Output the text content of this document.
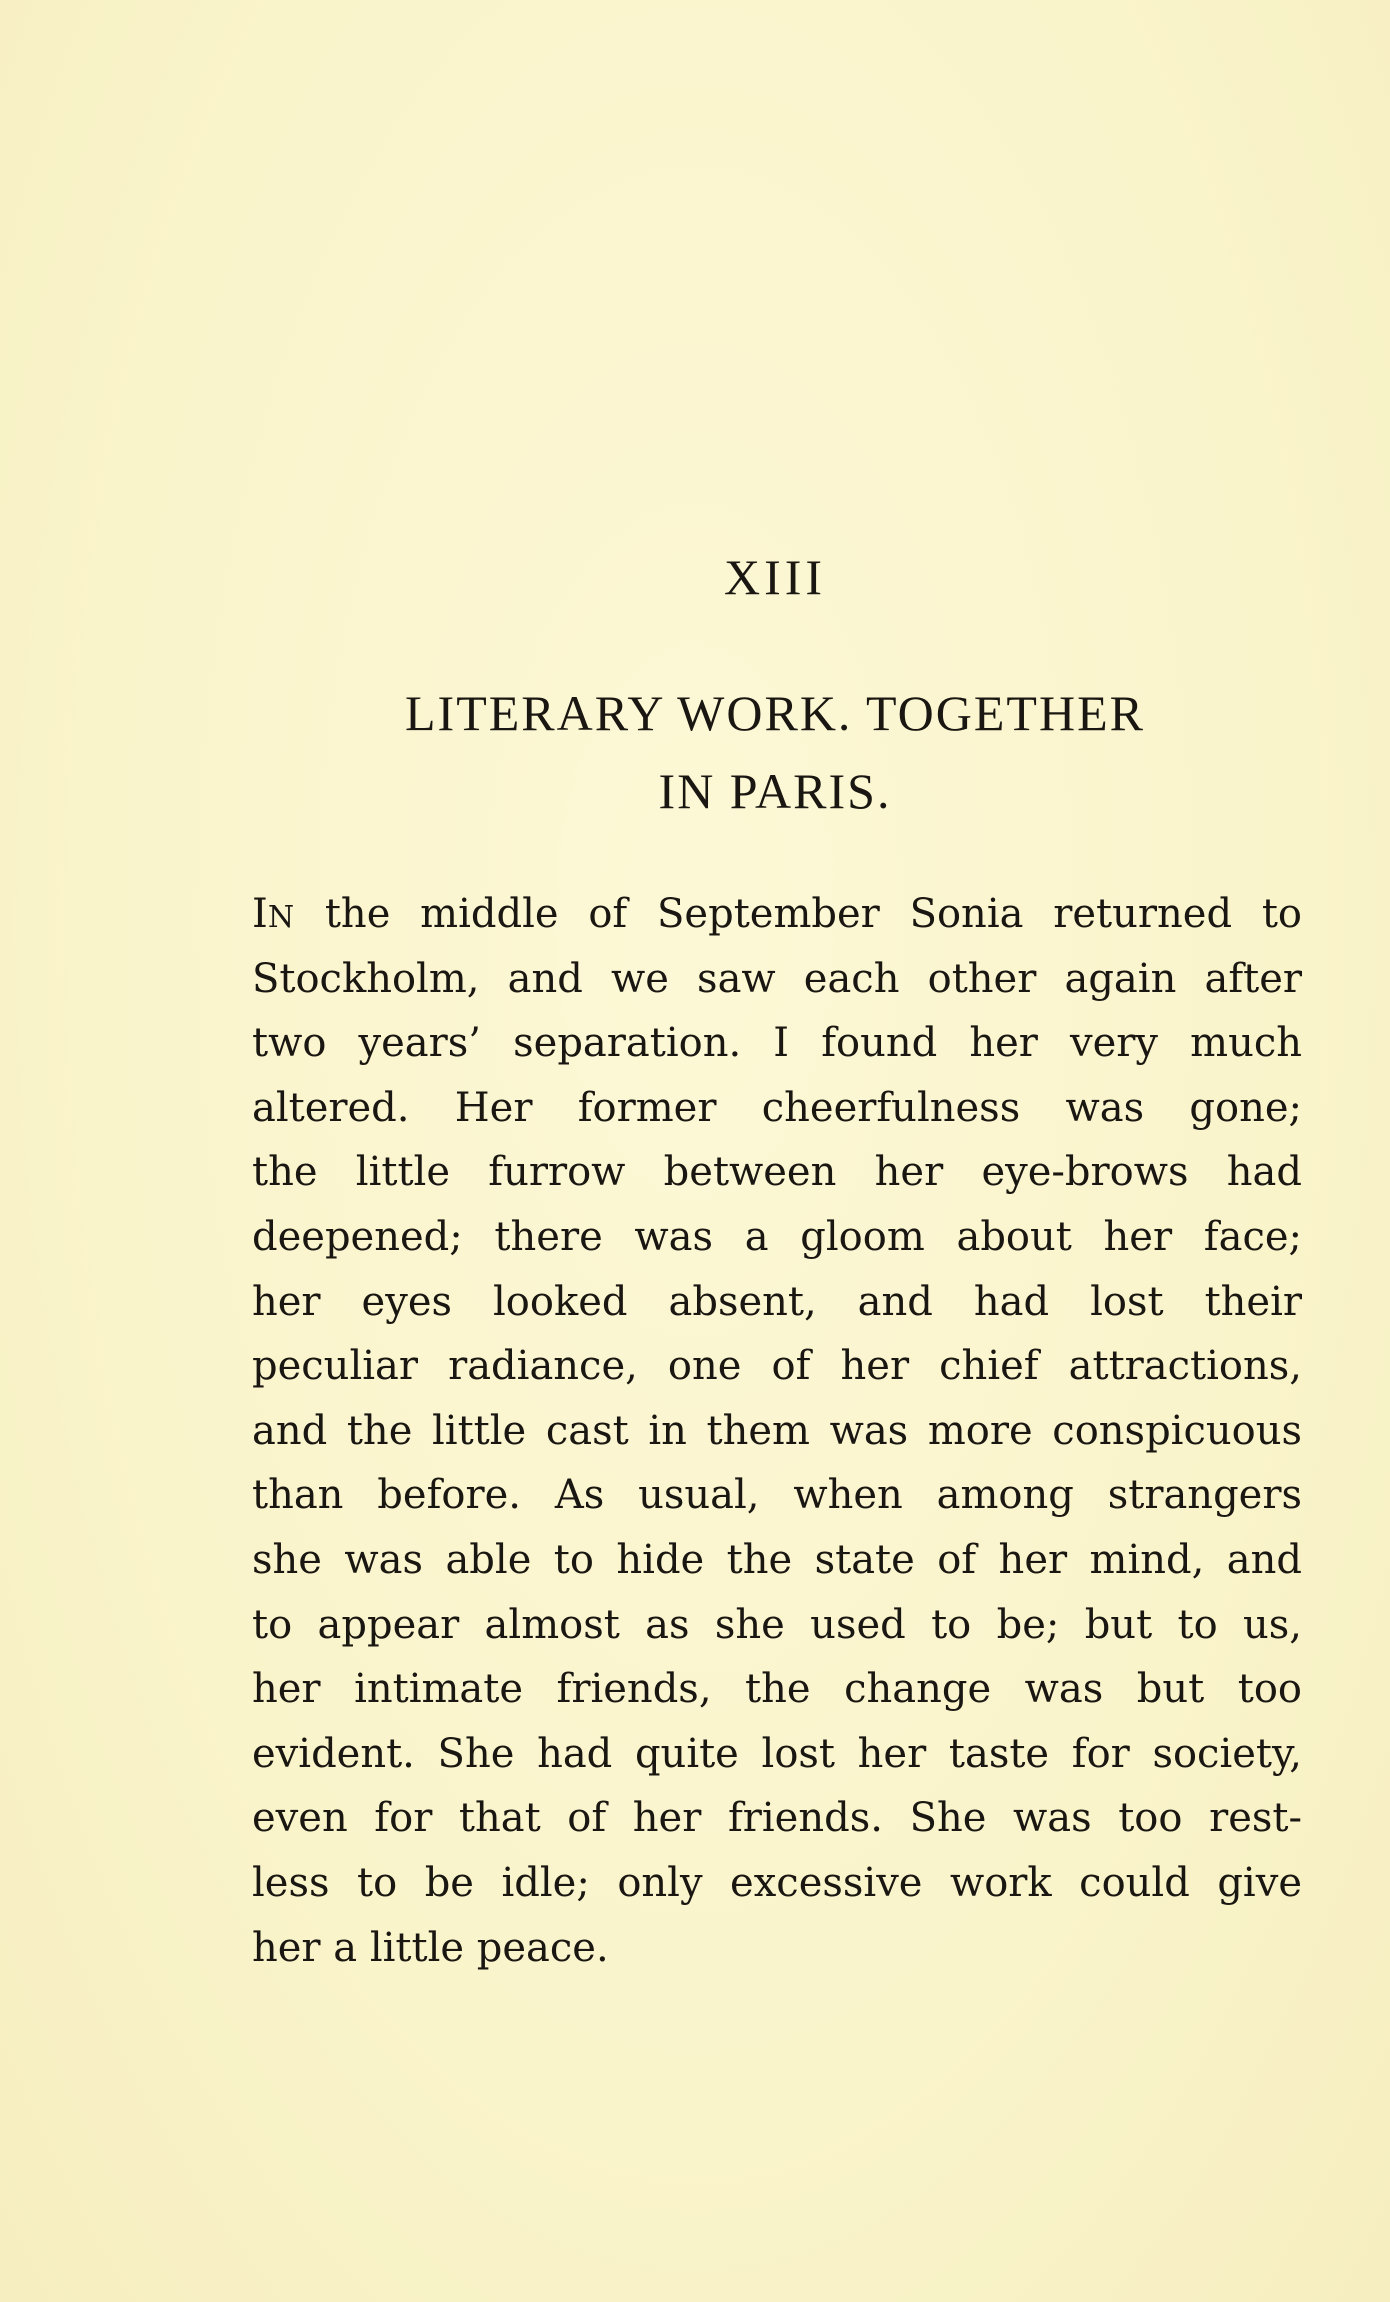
XIII
LITERARY WORK. TOGETHER
IN PARIS.
IN the middle of September Sonia returned to
Stockholm, and we saw each other again after
two years’ separation. I found her very much
altered. Her former cheerfulness was gone;
the little furrow between her eye-brows had
deepened; there was a gloom about her face;
her eyes looked absent, and had lost their
peculiar radiance, one of her chief attractions,
and the little cast in them was more conspicuous
than before. As usual, when among strangers
she was able to hide the state of her mind, and
to appear almost as she used to be; but to us,
her intimate friends, the change was but too
evident. She had quite lost her taste for society,
even for that of her friends. She was too rest-
less to be idle; only excessive work could give
her a little peace.
